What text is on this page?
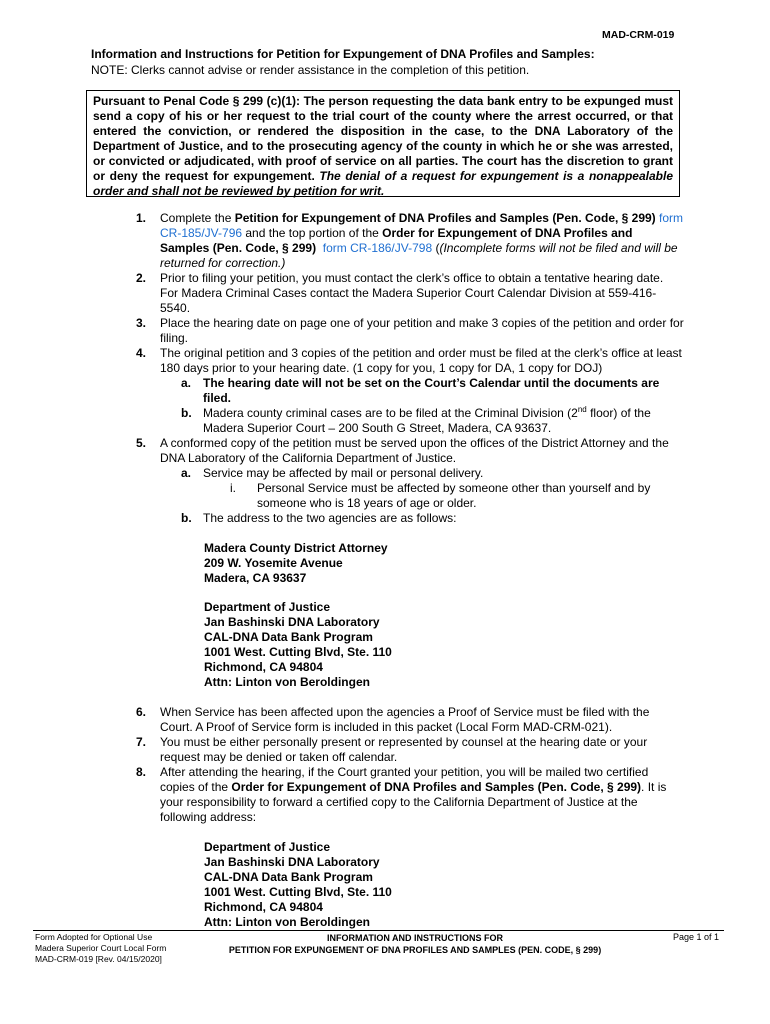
MAD-CRM-019
Information and Instructions for Petition for Expungement of DNA Profiles and Samples:
NOTE: Clerks cannot advise or render assistance in the completion of this petition.
Pursuant to Penal Code § 299 (c)(1): The person requesting the data bank entry to be expunged must send a copy of his or her request to the trial court of the county where the arrest occurred, or that entered the conviction, or rendered the disposition in the case, to the DNA Laboratory of the Department of Justice, and to the prosecuting agency of the county in which he or she was arrested, or convicted or adjudicated, with proof of service on all parties. The court has the discretion to grant or deny the request for expungement. The denial of a request for expungement is a nonappealable order and shall not be reviewed by petition for writ.
1. Complete the Petition for Expungement of DNA Profiles and Samples (Pen. Code, § 299) form CR-185/JV-796 and the top portion of the Order for Expungement of DNA Profiles and Samples (Pen. Code, § 299) form CR-186/JV-798 ((Incomplete forms will not be filed and will be returned for correction.)
2. Prior to filing your petition, you must contact the clerk’s office to obtain a tentative hearing date. For Madera Criminal Cases contact the Madera Superior Court Calendar Division at 559-416-5540.
3. Place the hearing date on page one of your petition and make 3 copies of the petition and order for filing.
4. The original petition and 3 copies of the petition and order must be filed at the clerk’s office at least 180 days prior to your hearing date. (1 copy for you, 1 copy for DA, 1 copy for DOJ)
a. The hearing date will not be set on the Court’s Calendar until the documents are filed.
b. Madera county criminal cases are to be filed at the Criminal Division (2nd floor) of the Madera Superior Court – 200 South G Street, Madera, CA 93637.
5. A conformed copy of the petition must be served upon the offices of the District Attorney and the DNA Laboratory of the California Department of Justice.
a. Service may be affected by mail or personal delivery.
i. Personal Service must be affected by someone other than yourself and by someone who is 18 years of age or older.
b. The address to the two agencies are as follows:
Madera County District Attorney
209 W. Yosemite Avenue
Madera, CA 93637
Department of Justice
Jan Bashinski DNA Laboratory
CAL-DNA Data Bank Program
1001 West. Cutting Blvd, Ste. 110
Richmond, CA 94804
Attn: Linton von Beroldingen
6. When Service has been affected upon the agencies a Proof of Service must be filed with the Court. A Proof of Service form is included in this packet (Local Form MAD-CRM-021).
7. You must be either personally present or represented by counsel at the hearing date or your request may be denied or taken off calendar.
8. After attending the hearing, if the Court granted your petition, you will be mailed two certified copies of the Order for Expungement of DNA Profiles and Samples (Pen. Code, § 299). It is your responsibility to forward a certified copy to the California Department of Justice at the following address:
Department of Justice
Jan Bashinski DNA Laboratory
CAL-DNA Data Bank Program
1001 West. Cutting Blvd, Ste. 110
Richmond, CA 94804
Attn: Linton von Beroldingen
Form Adopted for Optional Use
Madera Superior Court Local Form
MAD-CRM-019 [Rev. 04/15/2020]
INFORMATION AND INSTRUCTIONS FOR
PETITION FOR EXPUNGEMENT OF DNA PROFILES AND SAMPLES (PEN. CODE, § 299)
Page 1 of 1
